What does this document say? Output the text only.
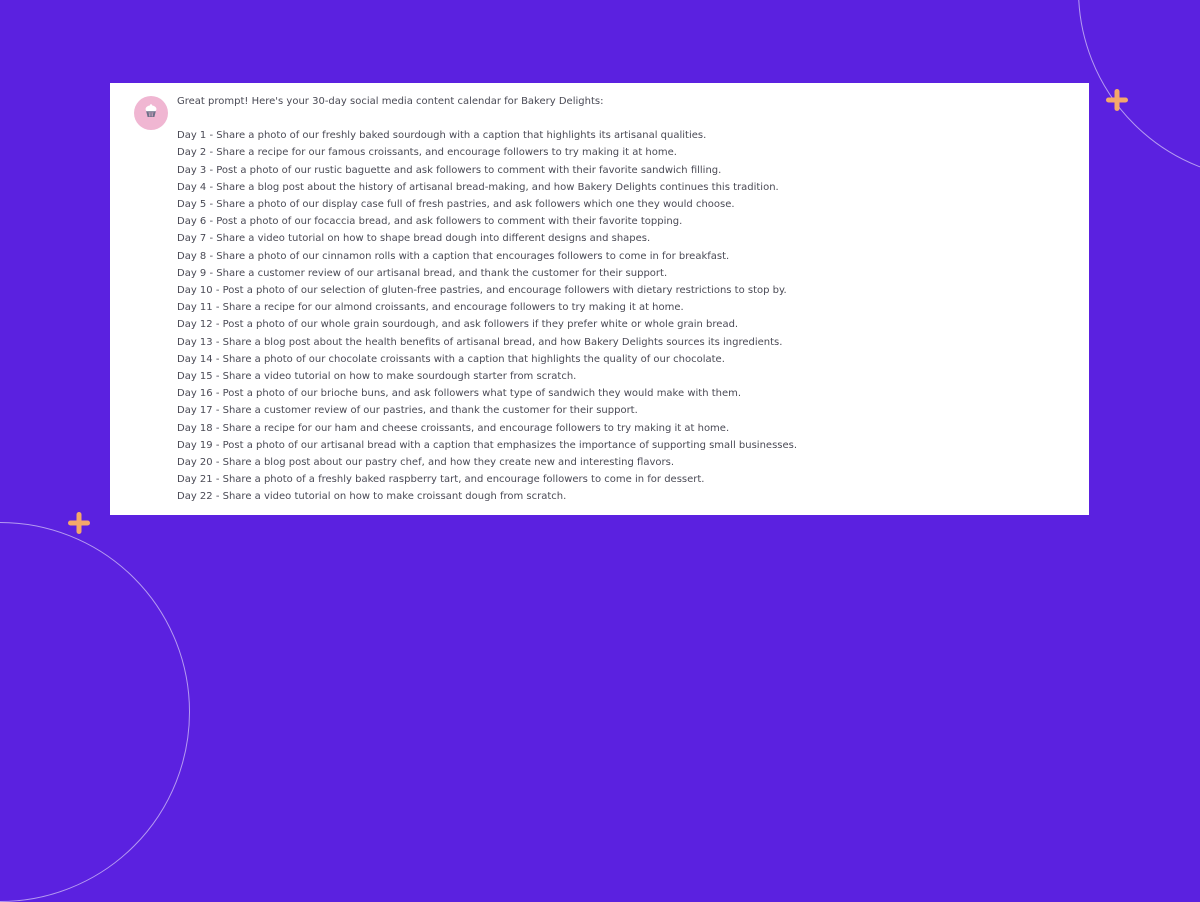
Great prompt! Here's your 30-day social media content calendar for Bakery Delights:

Day 1 - Share a photo of our freshly baked sourdough with a caption that highlights its artisanal qualities.
Day 2 - Share a recipe for our famous croissants, and encourage followers to try making it at home.
Day 3 - Post a photo of our rustic baguette and ask followers to comment with their favorite sandwich filling.
Day 4 - Share a blog post about the history of artisanal bread-making, and how Bakery Delights continues this tradition.
Day 5 - Share a photo of our display case full of fresh pastries, and ask followers which one they would choose.
Day 6 - Post a photo of our focaccia bread, and ask followers to comment with their favorite topping.
Day 7 - Share a video tutorial on how to shape bread dough into different designs and shapes.
Day 8 - Share a photo of our cinnamon rolls with a caption that encourages followers to come in for breakfast.
Day 9 - Share a customer review of our artisanal bread, and thank the customer for their support.
Day 10 - Post a photo of our selection of gluten-free pastries, and encourage followers with dietary restrictions to stop by.
Day 11 - Share a recipe for our almond croissants, and encourage followers to try making it at home.
Day 12 - Post a photo of our whole grain sourdough, and ask followers if they prefer white or whole grain bread.
Day 13 - Share a blog post about the health benefits of artisanal bread, and how Bakery Delights sources its ingredients.
Day 14 - Share a photo of our chocolate croissants with a caption that highlights the quality of our chocolate.
Day 15 - Share a video tutorial on how to make sourdough starter from scratch.
Day 16 - Post a photo of our brioche buns, and ask followers what type of sandwich they would make with them.
Day 17 - Share a customer review of our pastries, and thank the customer for their support.
Day 18 - Share a recipe for our ham and cheese croissants, and encourage followers to try making it at home.
Day 19 - Post a photo of our artisanal bread with a caption that emphasizes the importance of supporting small businesses.
Day 20 - Share a blog post about our pastry chef, and how they create new and interesting flavors.
Day 21 - Share a photo of a freshly baked raspberry tart, and encourage followers to come in for dessert.
Day 22 - Share a video tutorial on how to make croissant dough from scratch.
